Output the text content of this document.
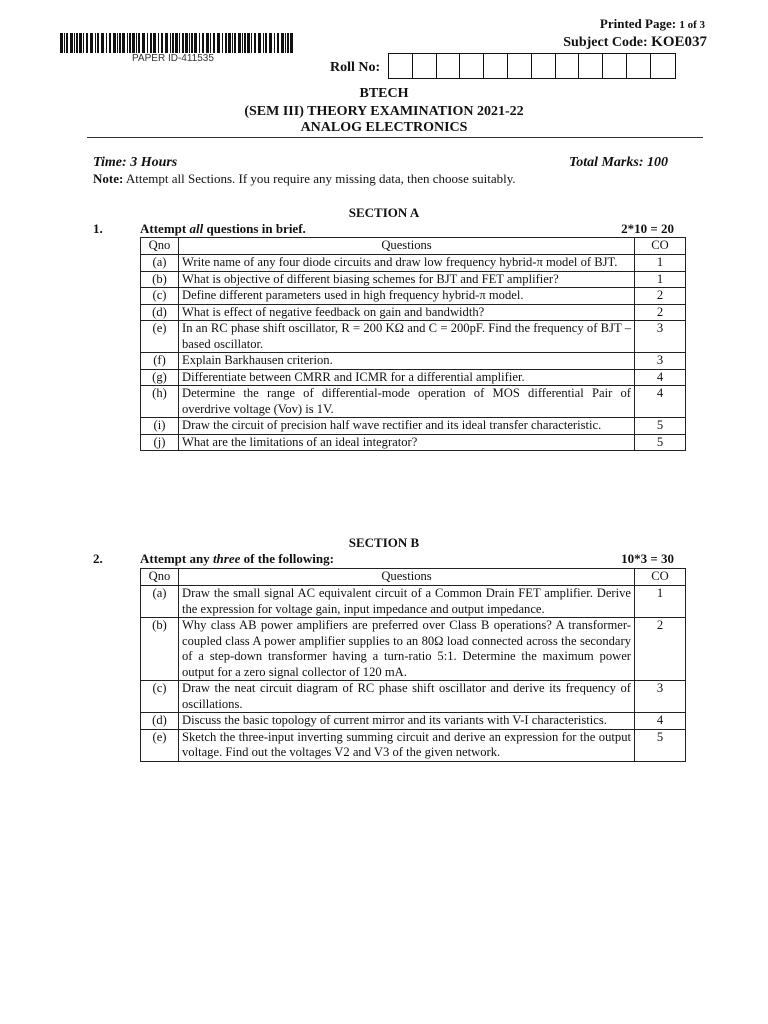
PAPER ID-411535
Printed Page: 1 of 3
Subject Code: KOE037
Roll No:
BTECH
(SEM III) THEORY EXAMINATION 2021-22
ANALOG ELECTRONICS
Time: 3 Hours	Total Marks: 100
Note: Attempt all Sections. If you require any missing data, then choose suitably.
SECTION A
1.	Attempt all questions in brief.	2*10 = 20
Qno	Questions	CO
(a)	Write name of any four diode circuits and draw low frequency hybrid-π model of BJT.	1
(b)	What is objective of different biasing schemes for BJT and FET amplifier?	1
(c)	Define different parameters used in high frequency hybrid-π model.	2
(d)	What is effect of negative feedback on gain and bandwidth?	2
(e)	In an RC phase shift oscillator, R = 200 KΩ and C = 200pF. Find the frequency of BJT –based oscillator.	3
(f)	Explain Barkhausen criterion.	3
(g)	Differentiate between CMRR and ICMR for a differential amplifier.	4
(h)	Determine the range of differential-mode operation of MOS differential Pair of overdrive voltage (Vov) is 1V.	4
(i)	Draw the circuit of precision half wave rectifier and its ideal transfer characteristic.	5
(j)	What are the limitations of an ideal integrator?	5
SECTION B
2.	Attempt any three of the following:	10*3 = 30
Qno	Questions	CO
(a)	Draw the small signal AC equivalent circuit of a Common Drain FET amplifier. Derive the expression for voltage gain, input impedance and output impedance.	1
(b)	Why class AB power amplifiers are preferred over Class B operations? A transformer-coupled class A power amplifier supplies to an 80Ω load connected across the secondary of a step-down transformer having a turn-ratio 5:1. Determine the maximum power output for a zero signal collector of 120 mA.	2
(c)	Draw the neat circuit diagram of RC phase shift oscillator and derive its frequency of oscillations.	3
(d)	Discuss the basic topology of current mirror and its variants with V-I characteristics.	4
(e)	Sketch the three-input inverting summing circuit and derive an expression for the output voltage. Find out the voltages V2 and V3 of the given network.	5
